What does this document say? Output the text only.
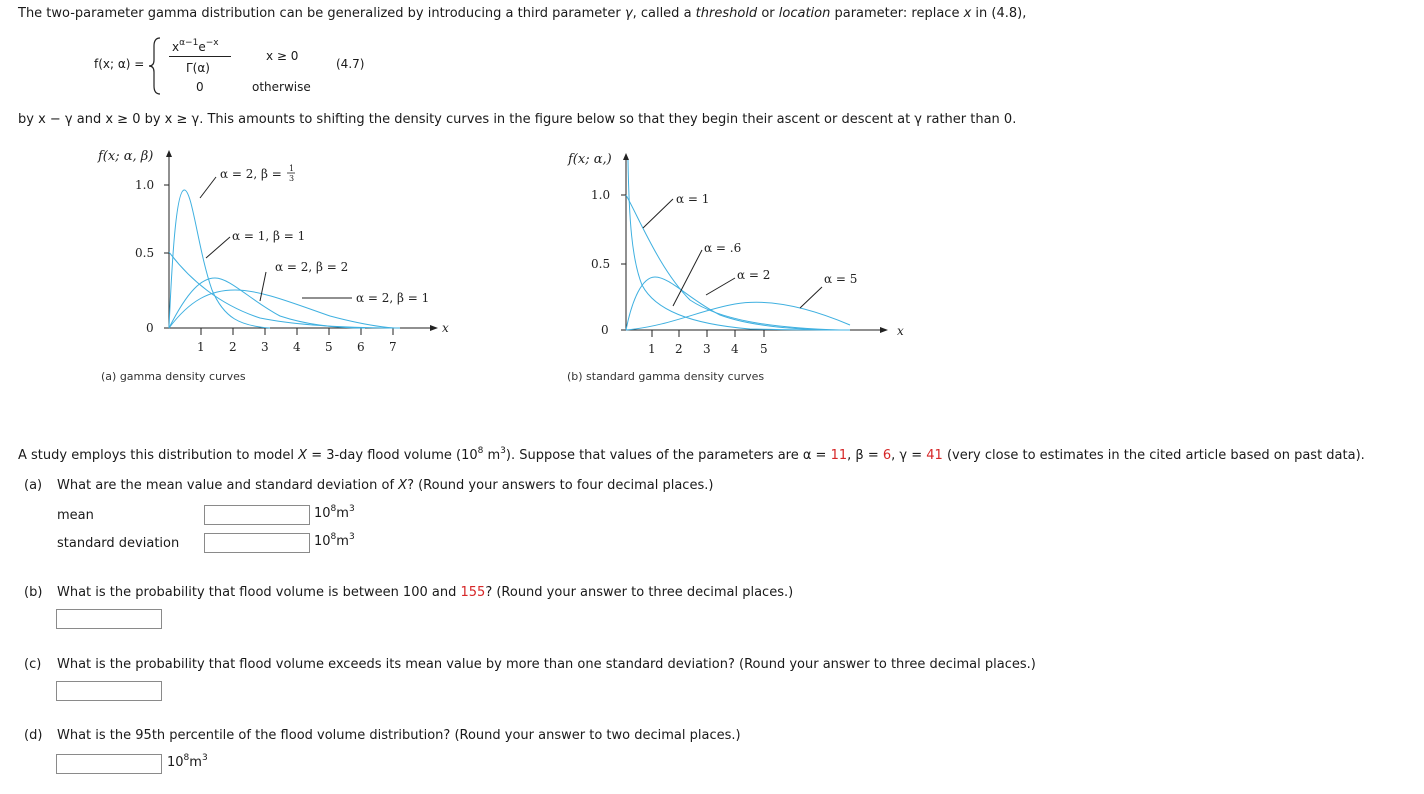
The two-parameter gamma distribution can be generalized by introducing a third parameter γ, called a threshold or location parameter: replace x in (4.8),
f(x; α) =
$x^{\alpha-1}e^{-x}$
Γ(α)
x ≥ 0
0	otherwise
(4.7)
by x − γ and x ≥ 0 by x ≥ γ. This amounts to shifting the density curves in the figure below so that they begin their ascent or descent at γ rather than 0.
f(x; α, β)
x
1.0
0.5
0
1 2 3 4 5 6 7
α = 2, β = 1
3
α = 1, β = 1
α = 2, β = 2
α = 2, β = 1
(a) gamma density curves
f(x; α,)
x
1.0
0.5
0
1 2 3 4 5
α = 1
α = .6
α = 2	α = 5
(b) standard gamma density curves
A study employs this distribution to model X = 3-day flood volume ($10^8$ $m^3$). Suppose that values of the parameters are α = 11, β = 6, γ = 41 (very close to estimates in the cited article based on past data).
(a) What are the mean value and standard deviation of X? (Round your answers to four decimal places.)
mean	$10^8m^3$
standard deviation	$10^8m^3$
(b) What is the probability that flood volume is between 100 and 155? (Round your answer to three decimal places.)
(c) What is the probability that flood volume exceeds its mean value by more than one standard deviation? (Round your answer to three decimal places.)
(d) What is the 95th percentile of the flood volume distribution? (Round your answer to two decimal places.)
$10^8m^3$
